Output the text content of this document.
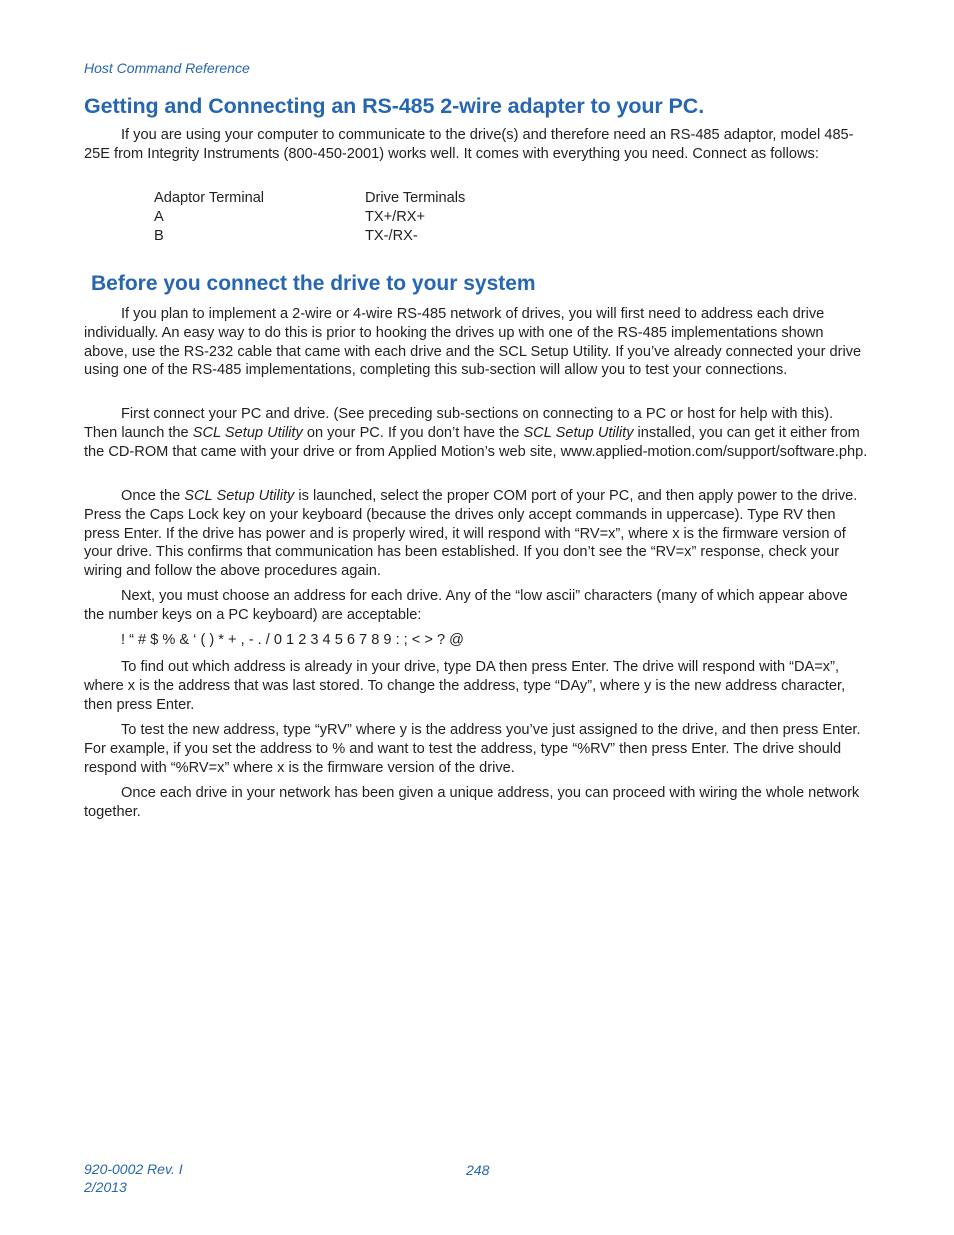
Host Command Reference
Getting and Connecting an RS-485 2-wire adapter to your PC.

If you are using your computer to communicate to the drive(s) and therefore need an RS-485 adaptor, model 485-25E from Integrity Instruments (800-450-2001) works well. It comes with everything you need. Connect as follows:

Adaptor Terminal	Drive Terminals
A	TX+/RX+
B	TX-/RX-
Before you connect the drive to your system

If you plan to implement a 2-wire or 4-wire RS-485 network of drives, you will first need to address each drive individually. An easy way to do this is prior to hooking the drives up with one of the RS-485 implementations shown above, use the RS-232 cable that came with each drive and the SCL Setup Utility. If you’ve already connected your drive using one of the RS-485 implementations, completing this sub-section will allow you to test your connections.

First connect your PC and drive. (See preceding sub-sections on connecting to a PC or host for help with this). Then launch the SCL Setup Utility on your PC. If you don’t have the SCL Setup Utility installed, you can get it either from the CD-ROM that came with your drive or from Applied Motion’s web site, www.applied-motion.com/support/software.php.

Once the SCL Setup Utility is launched, select the proper COM port of your PC, and then apply power to the drive. Press the Caps Lock key on your keyboard (because the drives only accept commands in uppercase). Type RV then press Enter. If the drive has power and is properly wired, it will respond with “RV=x”, where x is the firmware version of your drive. This confirms that communication has been established. If you don’t see the “RV=x” response, check your wiring and follow the above procedures again.

Next, you must choose an address for each drive. Any of the “low ascii” characters (many of which appear above the number keys on a PC keyboard) are acceptable:

! “ # $ % & ‘ ( ) * + , - . / 0 1 2 3 4 5 6 7 8 9 : ; < > ? @

To find out which address is already in your drive, type DA then press Enter. The drive will respond with “DA=x”, where x is the address that was last stored. To change the address, type “DAy”, where y is the new address character, then press Enter.

To test the new address, type “yRV” where y is the address you’ve just assigned to the drive, and then press Enter. For example, if you set the address to % and want to test the address, type “%RV” then press Enter. The drive should respond with “%RV=x” where x is the firmware version of the drive.

Once each drive in your network has been given a unique address, you can proceed with wiring the whole network together.

920-0002 Rev. I
2/2013
248
